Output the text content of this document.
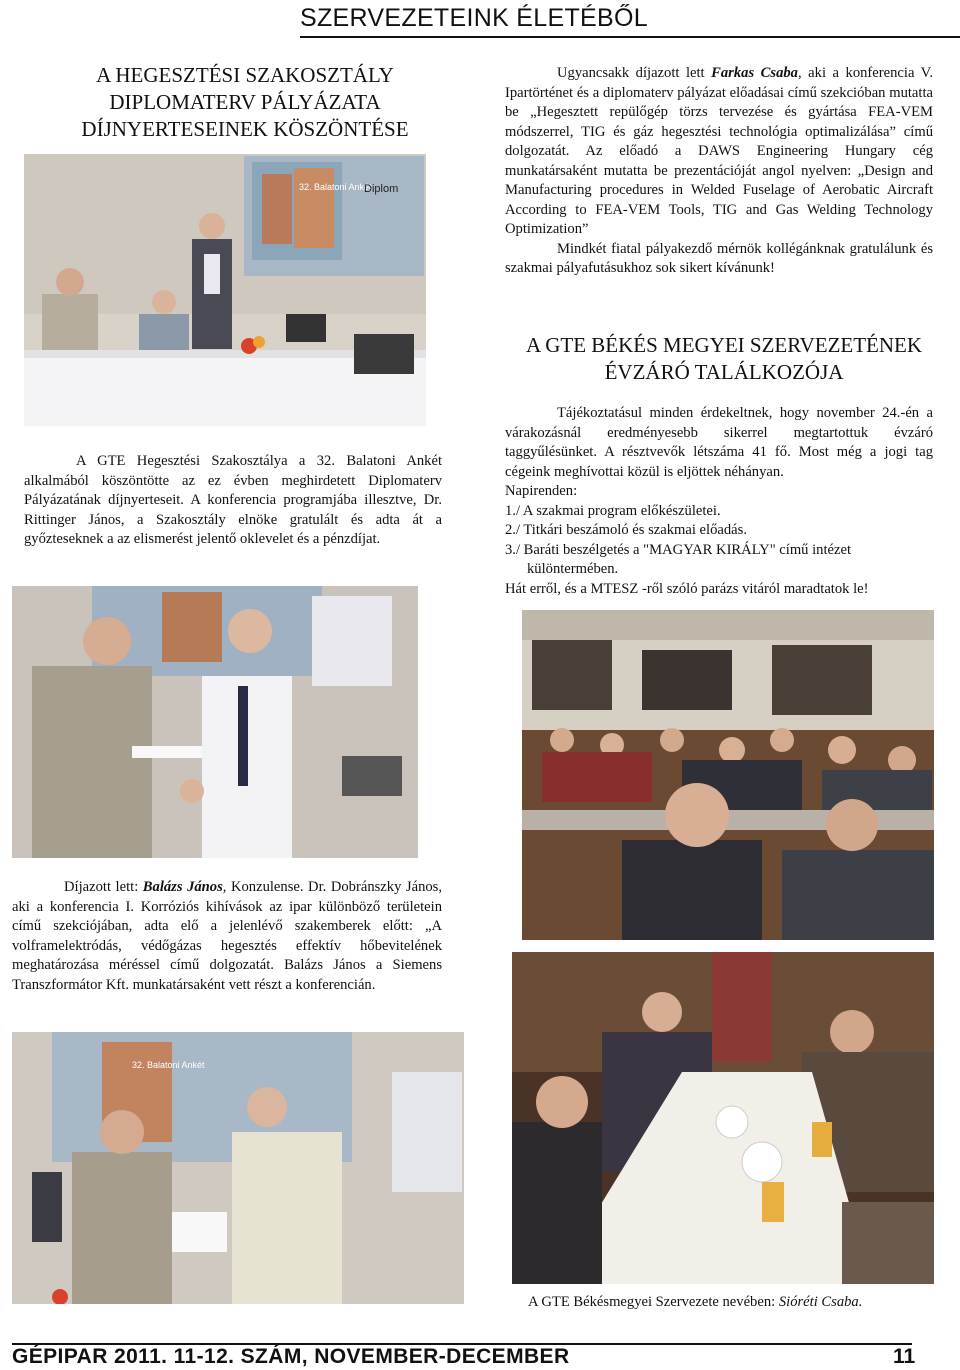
SZERVEZETEINK ÉLETÉBŐL
A HEGESZTÉSI SZAKOSZTÁLY
DIPLOMATERV PÁLYÁZATA
DÍJNYERTESEINEK KÖSZÖNTÉSE
32. Balatoni Ankét
Diplom

A GTE Hegesztési Szakosztálya a 32. Balatoni Ankét alkalmából köszöntötte az ez évben meghirdetett Diplomaterv Pályázatának díjnyerteseit. A konferencia programjába illesztve, Dr. Rittinger János, a Szakosztály elnöke gratulált és adta át a győzteseknek a az elismerést jelentő oklevelet és a pénzdíjat.

Díjazott lett: Balázs János, Konzulense. Dr. Dobránszky János, aki a konferencia I. Korróziós kihívások az ipar különböző területein című szekciójában, adta elő a jelenlévő szakemberek előtt: „A volframelektródás, védőgázas hegesztés effektív hőbevitelének meghatározása méréssel című dolgozatát. Balázs János a Siemens Transzformátor Kft. munkatársaként vett részt a konferencián.

32. Balatoni Ankét

Ugyancsakk díjazott lett Farkas Csaba, aki a konferencia V. Ipartörténet és a diplomaterv pályázat előadásai című szekcióban mutatta be „Hegesztett repülőgép törzs tervezése és gyártása FEA-VEM módszerrel, TIG és gáz hegesztési technológia optimalizálása” című dolgozatát. Az előadó a DAWS Engineering Hungary cég munkatársaként mutatta be prezentációját angol nyelven: „Design and Manufacturing procedures in Welded Fuselage of Aerobatic Aircraft According to FEA-VEM Tools, TIG and Gas Welding Technology Optimization”

Mindkét fiatal pályakezdő mérnök kollégánknak gratulálunk és szakmai pályafutásukhoz sok sikert kívánunk!

A GTE BÉKÉS MEGYEI SZERVEZETÉNEK
ÉVZÁRÓ TALÁLKOZÓJA

Tájékoztatásul minden érdekeltnek, hogy november 24.-én a várakozásnál eredményesebb sikerrel megtartottuk évzáró taggyűlésünket. A résztvevők létszáma 41 fő. Most még a jogi tag cégeink meghívottai közül is eljöttek néhányan.

Napirenden:

1./ A szakmai program előkészületei.

2./ Titkári beszámoló és szakmai előadás.

3./ Baráti beszélgetés a "MAGYAR KIRÁLY" című intézet különtermében.

Hát erről, és a MTESZ -ről szóló parázs vitáról maradtatok le!

A GTE Békésmegyei Szervezete nevében: Sióréti Csaba.
GÉPIPAR 2011. 11-12. SZÁM, NOVEMBER-DECEMBER	11
